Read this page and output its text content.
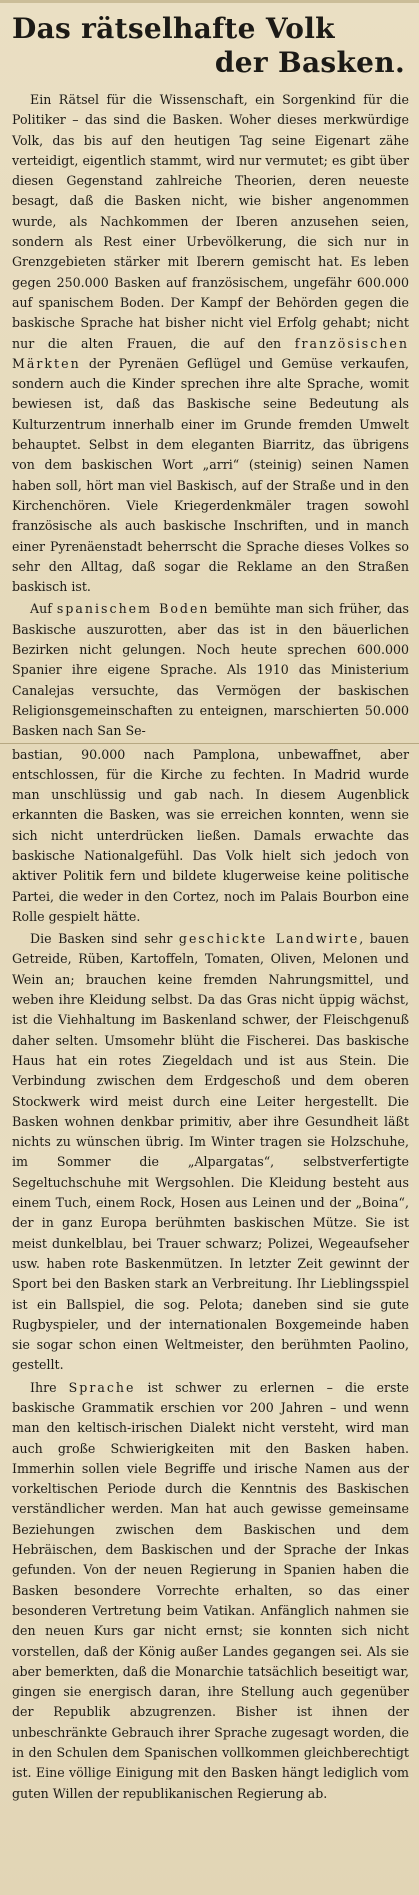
Das rätselhafte Volk
der Basken.

Ein Rätsel für die Wissenschaft, ein Sorgenkind für die Politiker – das sind die Basken. Woher dieses merkwürdige Volk, das bis auf den heutigen Tag seine Eigenart zähe verteidigt, eigentlich stammt, wird nur vermutet; es gibt über diesen Gegenstand zahlreiche Theorien, deren neueste besagt, daß die Basken nicht, wie bisher angenommen wurde, als Nachkommen der Iberen anzusehen seien, sondern als Rest einer Urbevölkerung, die sich nur in Grenzgebieten stärker mit Iberern gemischt hat. Es leben gegen 250.000 Basken auf französischem, ungefähr 600.000 auf spanischem Boden. Der Kampf der Behörden gegen die baskische Sprache hat bisher nicht viel Erfolg gehabt; nicht nur die alten Frauen, die auf den französischen Märkten der Pyrenäen Geflügel und Gemüse verkaufen, sondern auch die Kinder sprechen ihre alte Sprache, womit bewiesen ist, daß das Baskische seine Bedeutung als Kulturzentrum innerhalb einer im Grunde fremden Umwelt behauptet. Selbst in dem eleganten Biarritz, das übrigens von dem baskischen Wort „arri“ (steinig) seinen Namen haben soll, hört man viel Baskisch, auf der Straße und in den Kirchenchören. Viele Kriegerdenkmäler tragen sowohl französische als auch baskische Inschriften, und in manch einer Pyrenäenstadt beherrscht die Sprache dieses Volkes so sehr den Alltag, daß sogar die Reklame an den Straßen baskisch ist.

Auf spanischem Boden bemühte man sich früher, das Baskische auszurotten, aber das ist in den bäuerlichen Bezirken nicht gelungen. Noch heute sprechen 600.000 Spanier ihre eigene Sprache. Als 1910 das Ministerium Canalejas versuchte, das Vermögen der baskischen Religionsgemeinschaften zu enteignen, marschierten 50.000 Basken nach San Se-

bastian, 90.000 nach Pamplona, unbewaffnet, aber entschlossen, für die Kirche zu fechten. In Madrid wurde man unschlüssig und gab nach. In diesem Augenblick erkannten die Basken, was sie erreichen konnten, wenn sie sich nicht unterdrücken ließen. Damals erwachte das baskische Nationalgefühl. Das Volk hielt sich jedoch von aktiver Politik fern und bildete klugerweise keine politische Partei, die weder in den Cortez, noch im Palais Bourbon eine Rolle gespielt hätte.

Die Basken sind sehr geschickte Landwirte, bauen Getreide, Rüben, Kartoffeln, Tomaten, Oliven, Melonen und Wein an; brauchen keine fremden Nahrungsmittel, und weben ihre Kleidung selbst. Da das Gras nicht üppig wächst, ist die Viehhaltung im Baskenland schwer, der Fleischgenuß daher selten. Umsomehr blüht die Fischerei. Das baskische Haus hat ein rotes Ziegeldach und ist aus Stein. Die Verbindung zwischen dem Erdgeschoß und dem oberen Stockwerk wird meist durch eine Leiter hergestellt. Die Basken wohnen denkbar primitiv, aber ihre Gesundheit läßt nichts zu wünschen übrig. Im Winter tragen sie Holzschuhe, im Sommer die „Alpargatas“, selbstverfertigte Segeltuchschuhe mit Wergsohlen. Die Kleidung besteht aus einem Tuch, einem Rock, Hosen aus Leinen und der „Boina“, der in ganz Europa berühmten baskischen Mütze. Sie ist meist dunkelblau, bei Trauer schwarz; Polizei, Wegeaufseher usw. haben rote Baskenmützen. In letzter Zeit gewinnt der Sport bei den Basken stark an Verbreitung. Ihr Lieblingsspiel ist ein Ballspiel, die sog. Pelota; daneben sind sie gute Rugbyspieler, und der internationalen Boxgemeinde haben sie sogar schon einen Weltmeister, den berühmten Paolino, gestellt.

Ihre Sprache ist schwer zu erlernen – die erste baskische Grammatik erschien vor 200 Jahren – und wenn man den keltisch-irischen Dialekt nicht versteht, wird man auch große Schwierigkeiten mit den Basken haben. Immerhin sollen viele Begriffe und irische Namen aus der vorkeltischen Periode durch die Kenntnis des Baskischen verständlicher werden. Man hat auch gewisse gemeinsame Beziehungen zwischen dem Baskischen und dem Hebräischen, dem Baskischen und der Sprache der Inkas gefunden. Von der neuen Regierung in Spanien haben die Basken besondere Vorrechte erhalten, so das einer besonderen Vertretung beim Vatikan. Anfänglich nahmen sie den neuen Kurs gar nicht ernst; sie konnten sich nicht vorstellen, daß der König außer Landes gegangen sei. Als sie aber bemerkten, daß die Monarchie tatsächlich beseitigt war, gingen sie energisch daran, ihre Stellung auch gegenüber der Republik abzugrenzen. Bisher ist ihnen der unbeschränkte Gebrauch ihrer Sprache zugesagt worden, die in den Schulen dem Spanischen vollkommen gleichberechtigt ist. Eine völlige Einigung mit den Basken hängt lediglich vom guten Willen der republikanischen Regierung ab.
